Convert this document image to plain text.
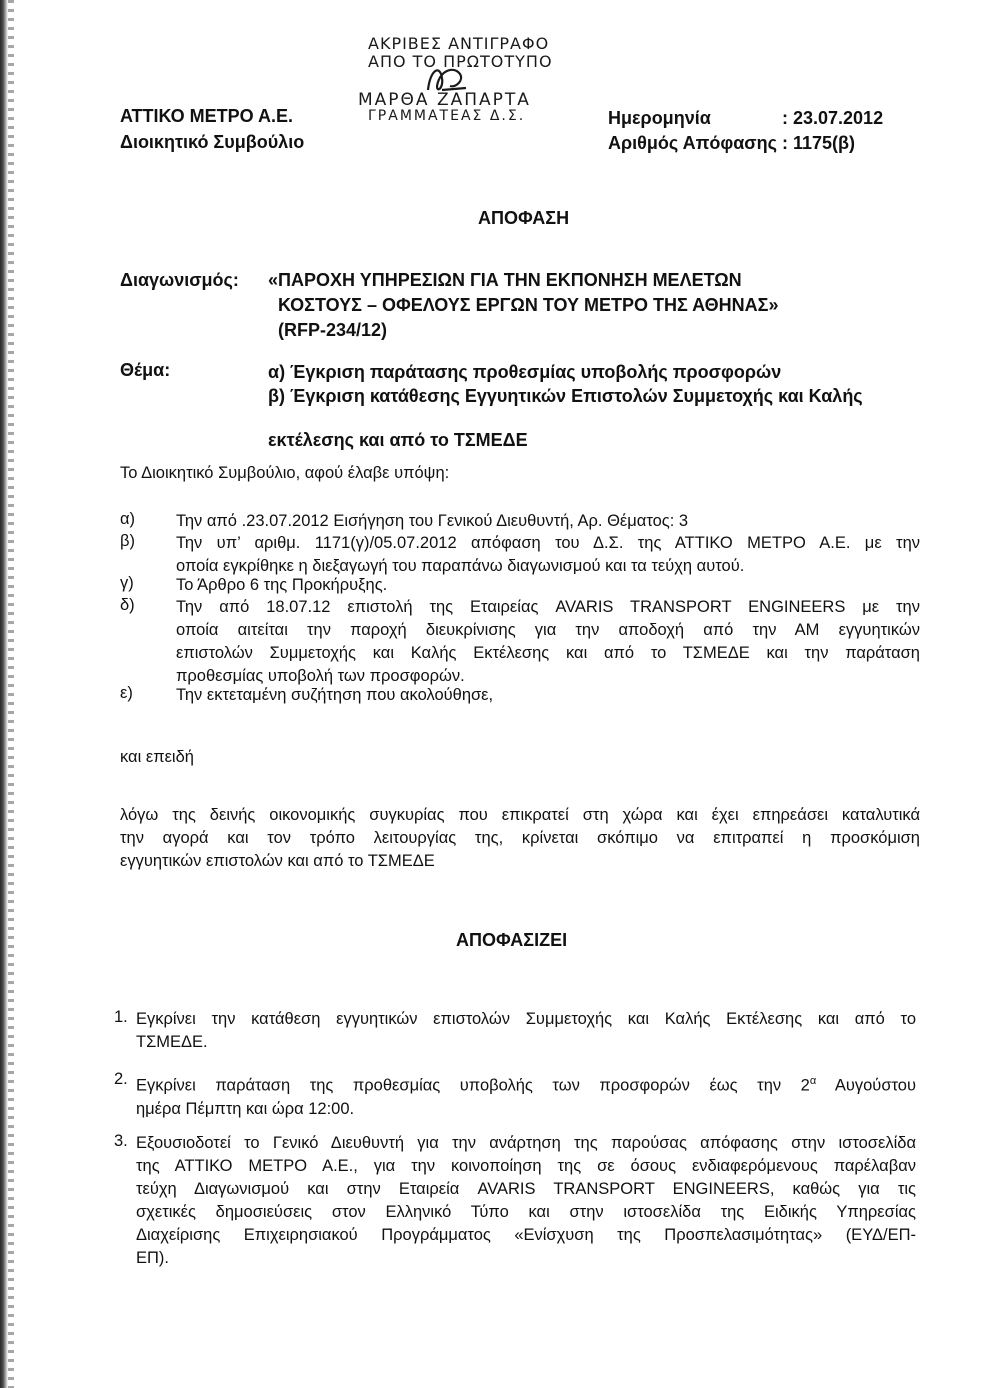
ΑΚΡΙΒΕΣ ΑΝΤΙΓΡΑΦΟ
ΑΠΟ ΤΟ ΠΡΩΤΟΤΥΠΟ
ΜΑΡΘΑ ΖΑΠΑΡΤΑ
ΓΡΑΜΜΑΤΕΑΣ Δ.Σ.
ΑΤΤΙΚΟ ΜΕΤΡΟ Α.Ε.
Διοικητικό Συμβούλιο
Ημερομηνία	: 23.07.2012
Αριθμός Απόφασης : 1175(β)
ΑΠΟΦΑΣΗ
Διαγωνισμός: «ΠΑΡΟΧΗ ΥΠΗΡΕΣΙΩΝ ΓΙΑ ΤΗΝ ΕΚΠΟΝΗΣΗ ΜΕΛΕΤΩΝ
ΚΟΣΤΟΥΣ – ΟΦΕΛΟΥΣ ΕΡΓΩΝ ΤΟΥ ΜΕΤΡΟ ΤΗΣ ΑΘΗΝΑΣ»
(RFP-234/12)
Θέμα:	α) Έγκριση παράτασης προθεσμίας υποβολής προσφορών
β) Έγκριση κατάθεσης Εγγυητικών Επιστολών Συμμετοχής και Καλής
εκτέλεσης και από το ΤΣΜΕΔΕ
Το Διοικητικό Συμβούλιο, αφού έλαβε υπόψη:
α) Την από .23.07.2012 Εισήγηση του Γενικού Διευθυντή, Αρ. Θέματος: 3
β) Την υπ’ αριθμ. 1171(γ)/05.07.2012 απόφαση του Δ.Σ. της ΑΤΤΙΚΟ ΜΕΤΡΟ Α.Ε. με την
οποία εγκρίθηκε η διεξαγωγή του παραπάνω διαγωνισμού και τα τεύχη αυτού.
γ)	Το Άρθρο 6 της Προκήρυξης.
δ)	Την από 18.07.12 επιστολή της Εταιρείας AVARIS TRANSPORT ENGINEERS με την
οποία αιτείται την παροχή διευκρίνισης για την αποδοχή από την ΑΜ εγγυητικών
επιστολών Συμμετοχής και Καλής Εκτέλεσης και από το ΤΣΜΕΔΕ και την παράταση
προθεσμίας υποβολή των προσφορών.
ε)	Την εκτεταμένη συζήτηση που ακολούθησε,
και επειδή
λόγω της δεινής οικονομικής συγκυρίας που επικρατεί στη χώρα και έχει επηρεάσει καταλυτικά
την αγορά και τον τρόπο λειτουργίας της, κρίνεται σκόπιμο να επιτραπεί η προσκόμιση
εγγυητικών επιστολών και από το ΤΣΜΕΔΕ
ΑΠΟΦΑΣΙΖΕΙ
1. Εγκρίνει την κατάθεση εγγυητικών επιστολών Συμμετοχής και Καλής Εκτέλεσης και από το
ΤΣΜΕΔΕ.
2. Εγκρίνει παράταση της προθεσμίας υποβολής των προσφορών έως την $2^\alpha$ Αυγούστου
ημέρα Πέμπτη και ώρα 12:00.
3. Εξουσιοδοτεί το Γενικό Διευθυντή για την ανάρτηση της παρούσας απόφασης στην ιστοσελίδα
της ΑΤΤΙΚΟ ΜΕΤΡΟ Α.Ε., για την κοινοποίηση της σε όσους ενδιαφερόμενους παρέλαβαν
τεύχη Διαγωνισμού και στην Εταιρεία AVARIS TRANSPORT ENGINEERS, καθώς για τις
σχετικές δημοσιεύσεις στον Ελληνικό Τύπο και στην ιστοσελίδα της Ειδικής Υπηρεσίας
Διαχείρισης Επιχειρησιακού Προγράμματος «Ενίσχυση της Προσπελασιμότητας» (ΕΥΔ/ΕΠ-
ΕΠ).
